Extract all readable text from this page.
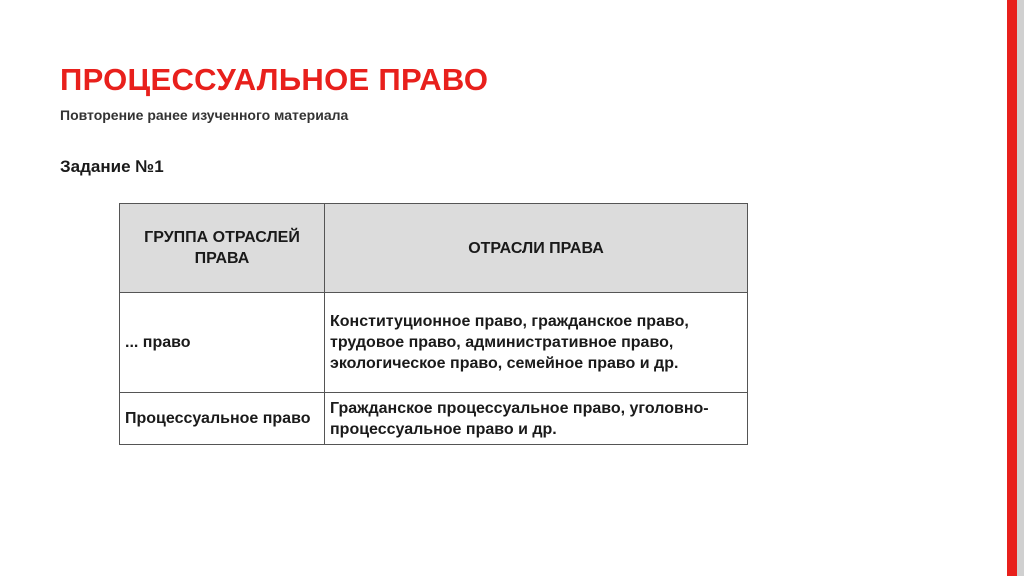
ПРОЦЕССУАЛЬНОЕ ПРАВО

Повторение ранее изученного материала

Задание №1

ГРУППА ОТРАСЛЕЙ ПРАВА	ОТРАСЛИ ПРАВА
... право	Конституционное право, гражданское право, трудовое право, административное право, экологическое право, семейное право и др.
Процессуальное право	Гражданское процессуальное право, уголовно-процессуальное право и др.
